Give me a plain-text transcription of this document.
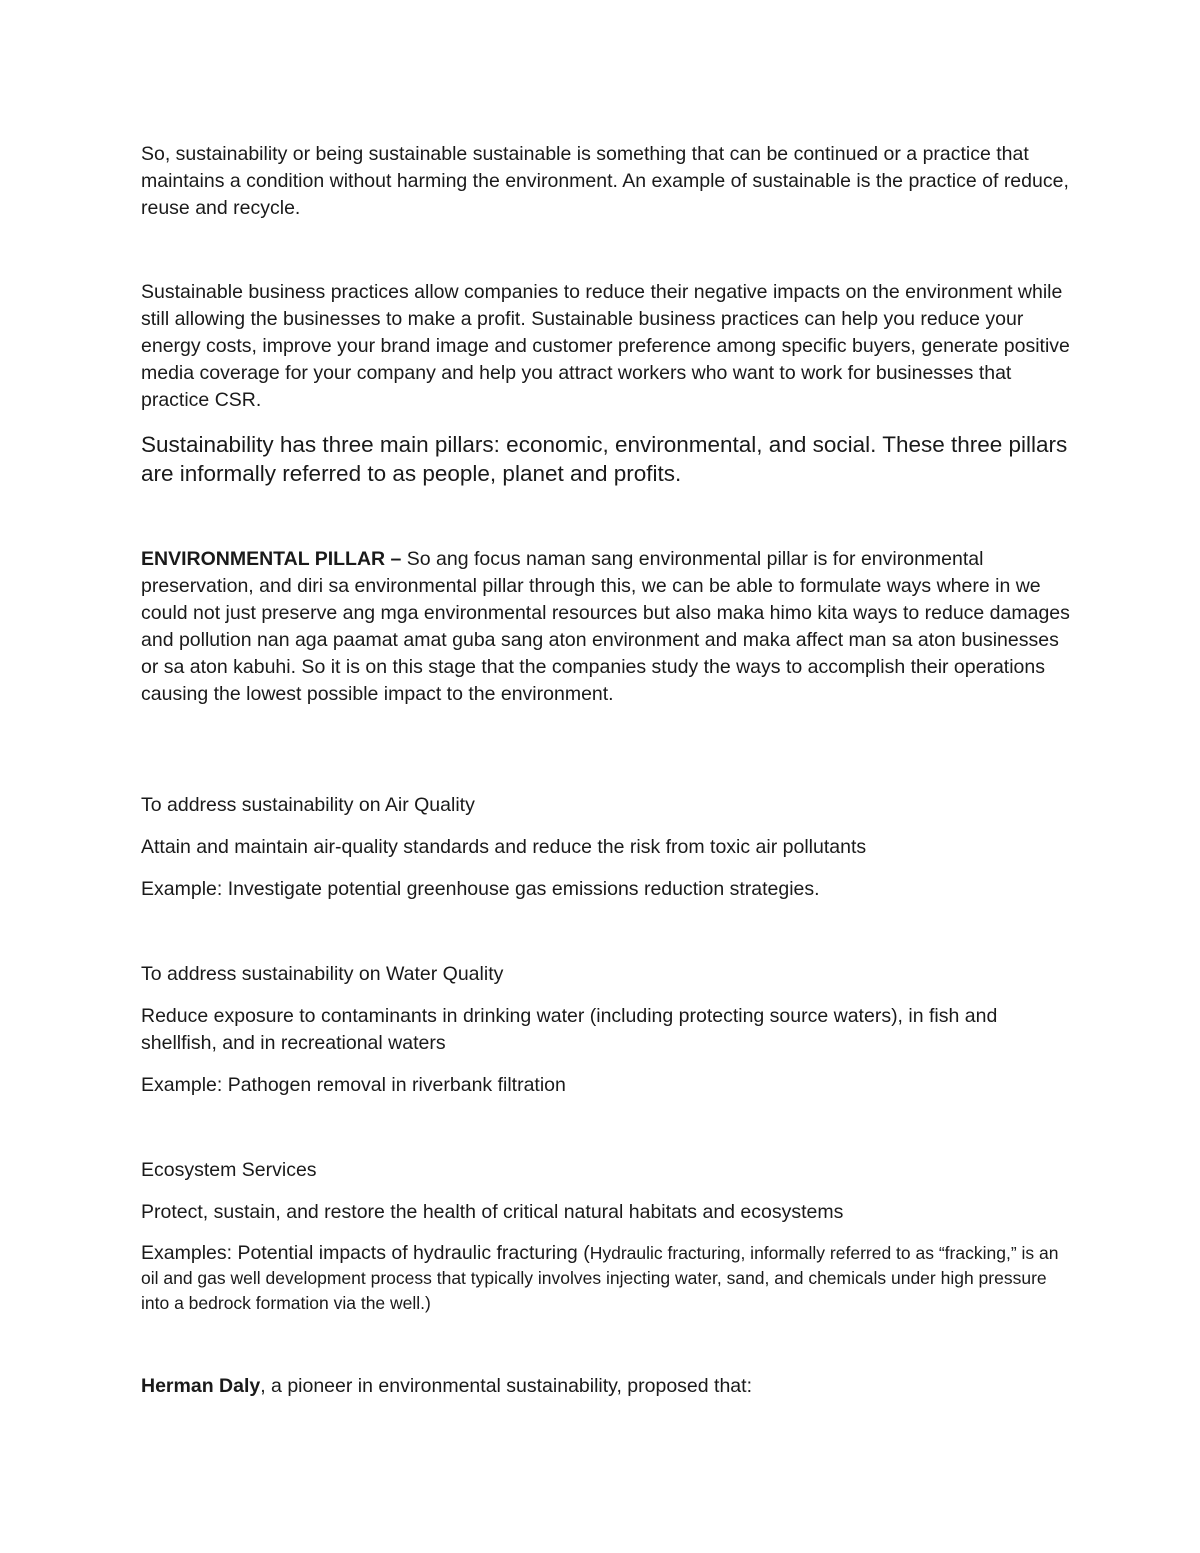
So, sustainability or being sustainable sustainable is something that can be continued or a practice that maintains a condition without harming the environment. An example of sustainable is the practice of reduce, reuse and recycle.

Sustainable business practices allow companies to reduce their negative impacts on the environment while still allowing the businesses to make a profit. Sustainable business practices can help you reduce your energy costs, improve your brand image and customer preference among specific buyers, generate positive media coverage for your company and help you attract workers who want to work for businesses that practice CSR.

Sustainability has three main pillars: economic, environmental, and social. These three pillars are informally referred to as people, planet and profits.

ENVIRONMENTAL PILLAR – So ang focus naman sang environmental pillar is for environmental preservation, and diri sa environmental pillar through this, we can be able to formulate ways where in we could not just preserve ang mga environmental resources but also maka himo kita ways to reduce damages and pollution nan aga paamat amat guba sang aton environment and maka affect man sa aton businesses or sa aton kabuhi. So it is on this stage that the companies study the ways to accomplish their operations causing the lowest possible impact to the environment.

To address sustainability on Air Quality

Attain and maintain air-quality standards and reduce the risk from toxic air pollutants

Example: Investigate potential greenhouse gas emissions reduction strategies.

To address sustainability on Water Quality

Reduce exposure to contaminants in drinking water (including protecting source waters), in fish and shellfish, and in recreational waters

Example: Pathogen removal in riverbank filtration

Ecosystem Services

Protect, sustain, and restore the health of critical natural habitats and ecosystems

Examples: Potential impacts of hydraulic fracturing (Hydraulic fracturing, informally referred to as “fracking,” is an oil and gas well development process that typically involves injecting water, sand, and chemicals under high pressure into a bedrock formation via the well.)

Herman Daly, a pioneer in environmental sustainability, proposed that:
